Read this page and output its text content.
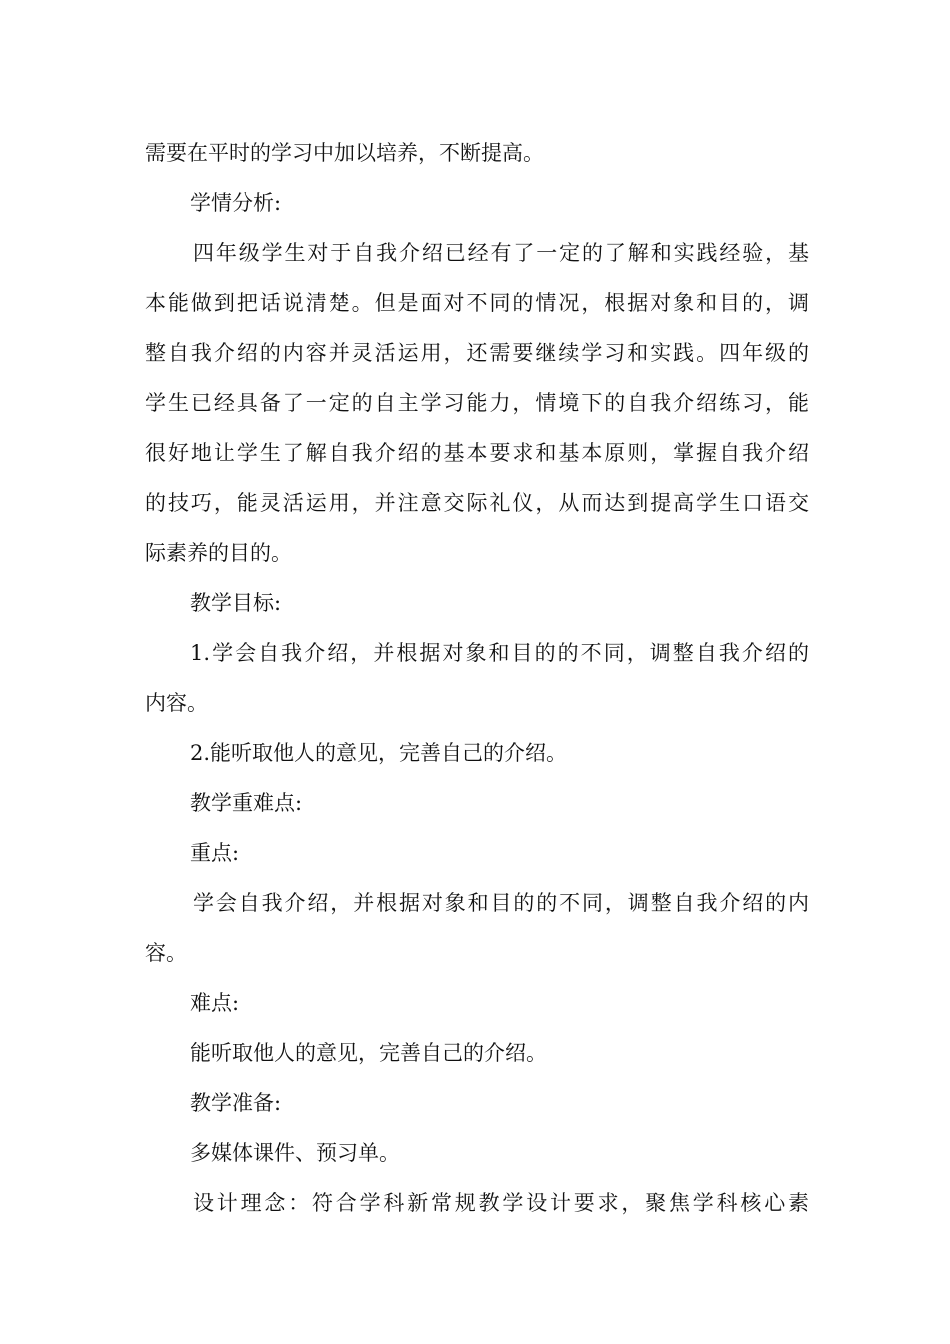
需要在平时的学习中加以培养，不断提高。
学情分析:
四年级学生对于自我介绍已经有了一定的了解和实践经验，基
本能做到把话说清楚。但是面对不同的情况，根据对象和目的，调
整自我介绍的内容并灵活运用，还需要继续学习和实践。四年级的
学生已经具备了一定的自主学习能力，情境下的自我介绍练习，能
很好地让学生了解自我介绍的基本要求和基本原则，掌握自我介绍
的技巧，能灵活运用，并注意交际礼仪，从而达到提高学生口语交
际素养的目的。
教学目标:
1.学会自我介绍，并根据对象和目的的不同，调整自我介绍的
内容。
2.能听取他人的意见，完善自己的介绍。
教学重难点:
重点:
学会自我介绍，并根据对象和目的的不同，调整自我介绍的内
容。
难点:
能听取他人的意见，完善自己的介绍。
教学准备:
多媒体课件、预习单。
设计理念：符合学科新常规教学设计要求，聚焦学科核心素
